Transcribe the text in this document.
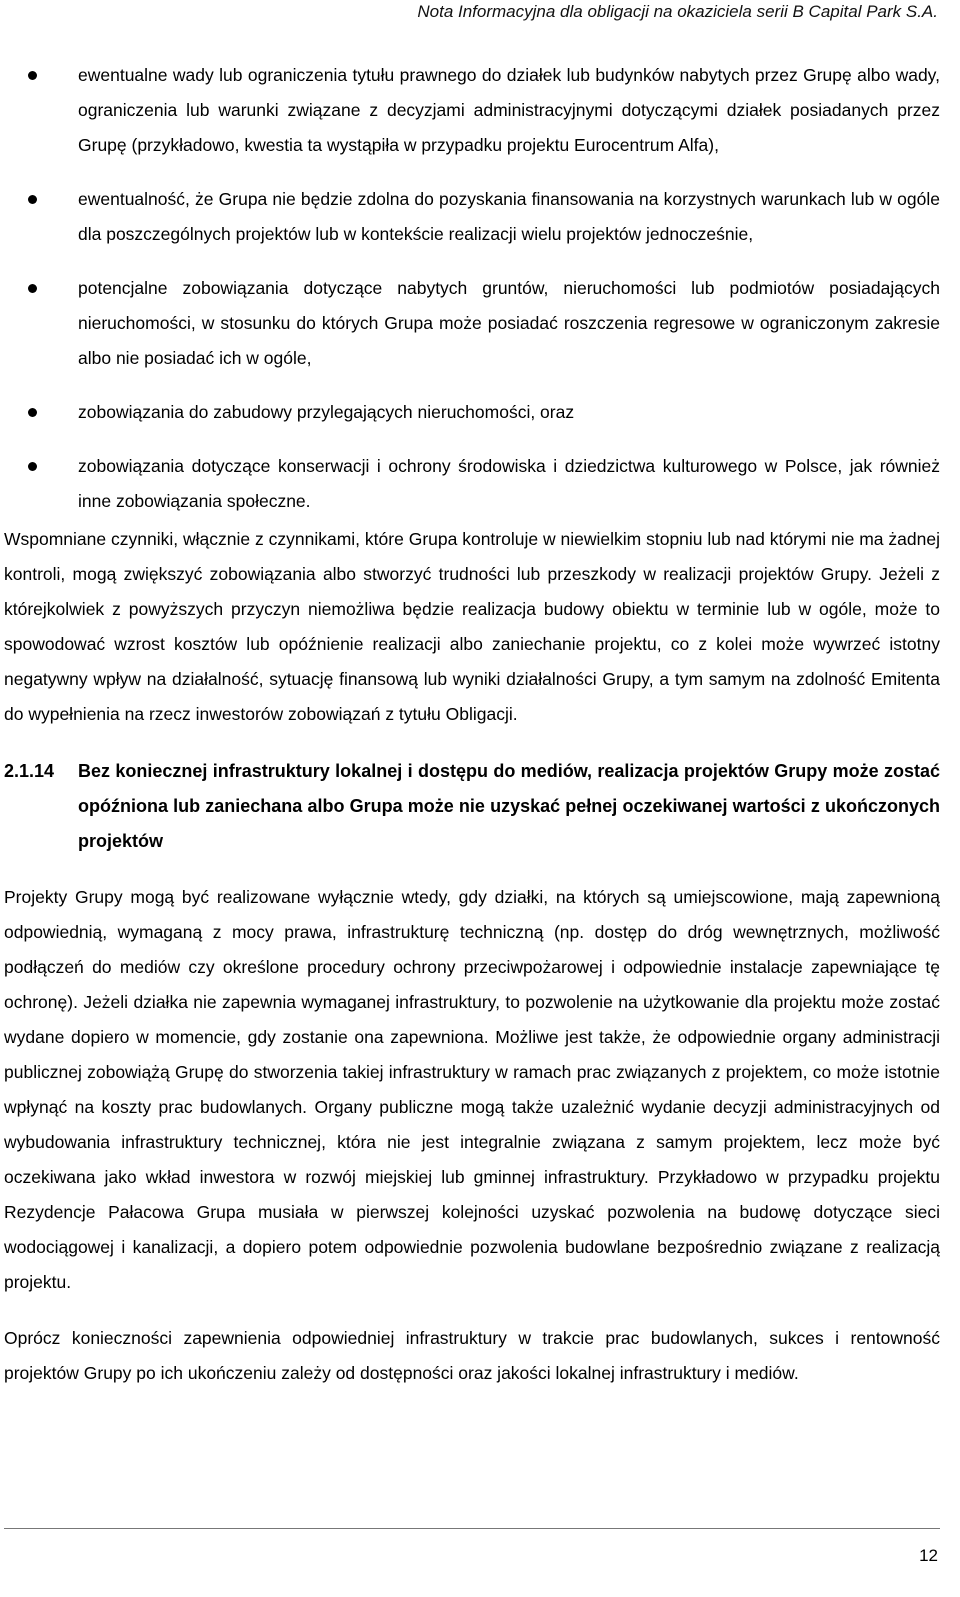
Nota Informacyjna dla obligacji na okaziciela serii B Capital Park S.A.
ewentualne wady lub ograniczenia tytułu prawnego do działek lub budynków nabytych przez Grupę albo wady, ograniczenia lub warunki związane z decyzjami administracyjnymi dotyczącymi działek posiadanych przez Grupę (przykładowo, kwestia ta wystąpiła w przypadku projektu Eurocentrum Alfa),
ewentualność, że Grupa nie będzie zdolna do pozyskania finansowania na korzystnych warunkach lub w ogóle dla poszczególnych projektów lub w kontekście realizacji wielu projektów jednocześnie,
potencjalne zobowiązania dotyczące nabytych gruntów, nieruchomości lub podmiotów posiadających nieruchomości, w stosunku do których Grupa może posiadać roszczenia regresowe w ograniczonym zakresie albo nie posiadać ich w ogóle,
zobowiązania do zabudowy przylegających nieruchomości, oraz
zobowiązania dotyczące konserwacji i ochrony środowiska i dziedzictwa kulturowego w Polsce, jak również inne zobowiązania społeczne.

Wspomniane czynniki, włącznie z czynnikami, które Grupa kontroluje w niewielkim stopniu lub nad którymi nie ma żadnej kontroli, mogą zwiększyć zobowiązania albo stworzyć trudności lub przeszkody w realizacji projektów Grupy. Jeżeli z którejkolwiek z powyższych przyczyn niemożliwa będzie realizacja budowy obiektu w terminie lub w ogóle, może to spowodować wzrost kosztów lub opóźnienie realizacji albo zaniechanie projektu, co z kolei może wywrzeć istotny negatywny wpływ na działalność, sytuację finansową lub wyniki działalności Grupy, a tym samym na zdolność Emitenta do wypełnienia na rzecz inwestorów zobowiązań z tytułu Obligacji.

2.1.14 Bez koniecznej infrastruktury lokalnej i dostępu do mediów, realizacja projektów Grupy może zostać opóźniona lub zaniechana albo Grupa może nie uzyskać pełnej oczekiwanej wartości z ukończonych projektów

Projekty Grupy mogą być realizowane wyłącznie wtedy, gdy działki, na których są umiejscowione, mają zapewnioną odpowiednią, wymaganą z mocy prawa, infrastrukturę techniczną (np. dostęp do dróg wewnętrznych, możliwość podłączeń do mediów czy określone procedury ochrony przeciwpożarowej i odpowiednie instalacje zapewniające tę ochronę). Jeżeli działka nie zapewnia wymaganej infrastruktury, to pozwolenie na użytkowanie dla projektu może zostać wydane dopiero w momencie, gdy zostanie ona zapewniona. Możliwe jest także, że odpowiednie organy administracji publicznej zobowiążą Grupę do stworzenia takiej infrastruktury w ramach prac związanych z projektem, co może istotnie wpłynąć na koszty prac budowlanych. Organy publiczne mogą także uzależnić wydanie decyzji administracyjnych od wybudowania infrastruktury technicznej, która nie jest integralnie związana z samym projektem, lecz może być oczekiwana jako wkład inwestora w rozwój miejskiej lub gminnej infrastruktury. Przykładowo w przypadku projektu Rezydencje Pałacowa Grupa musiała w pierwszej kolejności uzyskać pozwolenia na budowę dotyczące sieci wodociągowej i kanalizacji, a dopiero potem odpowiednie pozwolenia budowlane bezpośrednio związane z realizacją projektu.

Oprócz konieczności zapewnienia odpowiedniej infrastruktury w trakcie prac budowlanych, sukces i rentowność projektów Grupy po ich ukończeniu zależy od dostępności oraz jakości lokalnej infrastruktury i mediów.

12
